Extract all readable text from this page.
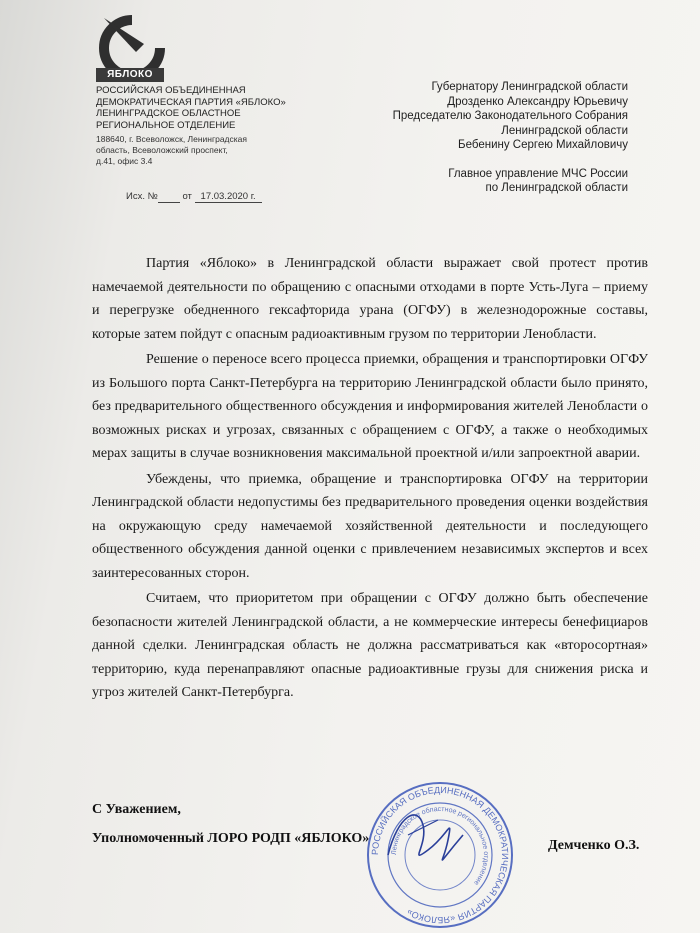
ЯБЛОКО
РОССИЙСКАЯ ОБЪЕДИНЕННАЯ
ДЕМОКРАТИЧЕСКАЯ ПАРТИЯ «ЯБЛОКО»
ЛЕНИНГРАДСКОЕ ОБЛАСТНОЕ
РЕГИОНАЛЬНОЕ ОТДЕЛЕНИЕ
188640, г. Всеволожск, Ленинградская
область, Всеволожский проспект,
д.41, офис 3.4
Исх. №	от 17.03.2020 г.
Губернатору Ленинградской области
Дрозденко Александру Юрьевичу
Председателю Законодательного Собрания
Ленинградской области
Бебенину Сергею Михайловичу
Главное управление МЧС России
по Ленинградской области

Партия «Яблоко» в Ленинградской области выражает свой протест против намечаемой деятельности по обращению с опасными отходами в порте Усть-Луга – приему и перегрузке обедненного гексафторида урана (ОГФУ) в железнодорожные составы, которые затем пойдут с опасным радиоактивным грузом по территории Ленобласти.

Решение о переносе всего процесса приемки, обращения и транспортировки ОГФУ из Большого порта Санкт-Петербурга на территорию Ленинградской области было принято, без предварительного общественного обсуждения и информирования жителей Ленобласти о возможных рисках и угрозах, связанных с обращением с ОГФУ, а также о необходимых мерах защиты в случае возникновения максимальной проектной и/или запроектной аварии.

Убеждены, что приемка, обращение и транспортировка ОГФУ на территории Ленинградской области недопустимы без предварительного проведения оценки воздействия на окружающую среду намечаемой хозяйственной деятельности и последующего общественного обсуждения данной оценки с привлечением независимых экспертов и всех заинтересованных сторон.

Считаем, что приоритетом при обращении с ОГФУ должно быть обеспечение безопасности жителей Ленинградской области, а не коммерческие интересы бенефициаров данной сделки. Ленинградская область не должна рассматриваться как «второсортная» территорию, куда перенаправляют опасные радиоактивные грузы для снижения риска и угроз жителей Санкт-Петербурга.

С Уважением,
Уполномоченный ЛОРО РОДП «ЯБЛОКО»
РОССИЙСКАЯ ОБЪЕДИНЕННАЯ ДЕМОКРАТИЧЕСКАЯ ПАРТИЯ «ЯБЛОКО»
Ленинградское областное региональное отделение
Демченко О.З.
